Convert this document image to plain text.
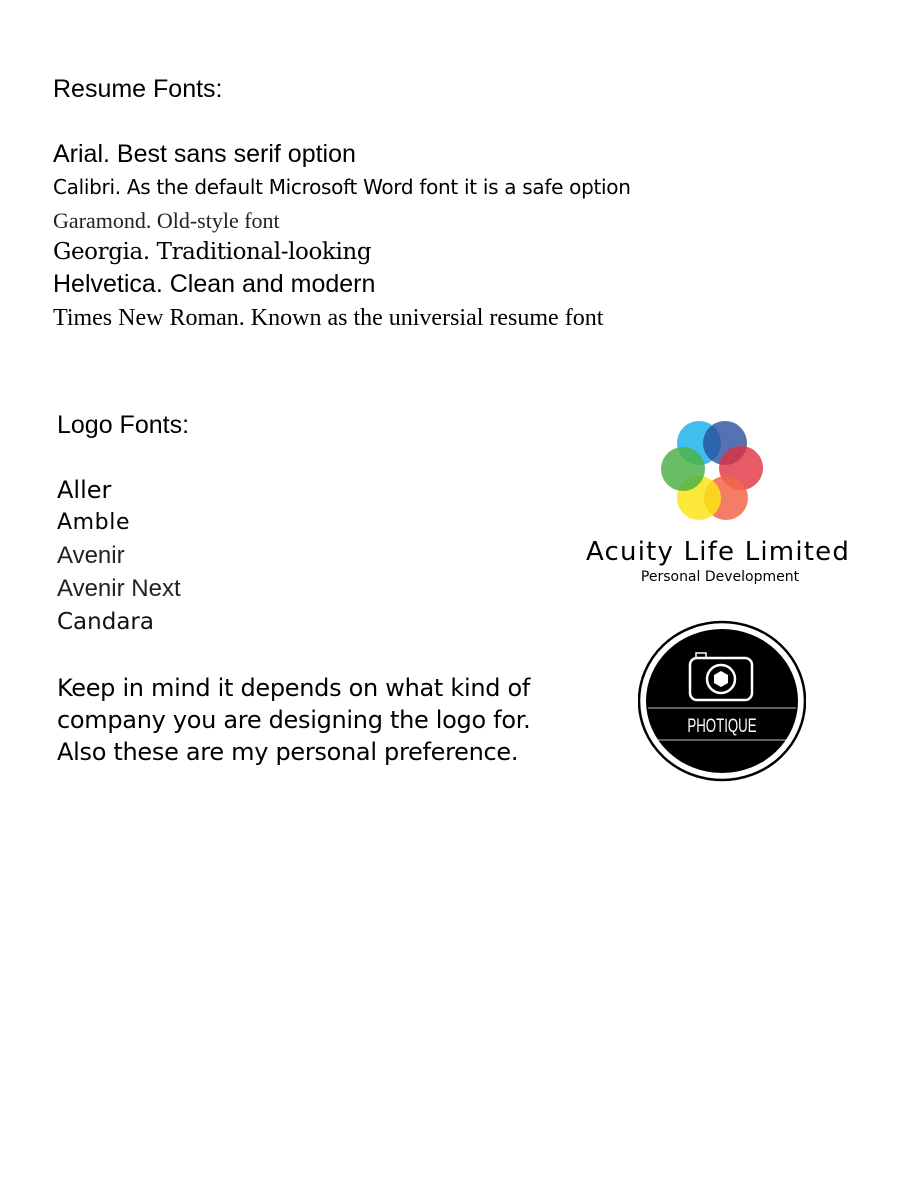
Resume Fonts:
Arial. Best sans serif option
Calibri. As the default Microsoft Word font it is a safe option
Garamond. Old-style font
Georgia. Traditional-looking
Helvetica. Clean and modern
Times New Roman. Known as the universial resume font
Logo Fonts:
Aller
Amble
Avenir
Avenir Next
Candara
Keep in mind it depends on what kind of
company you are designing the logo for.
Also these are my personal preference.
Acuity Life Limited
Personal Development
PHOTIQUE
